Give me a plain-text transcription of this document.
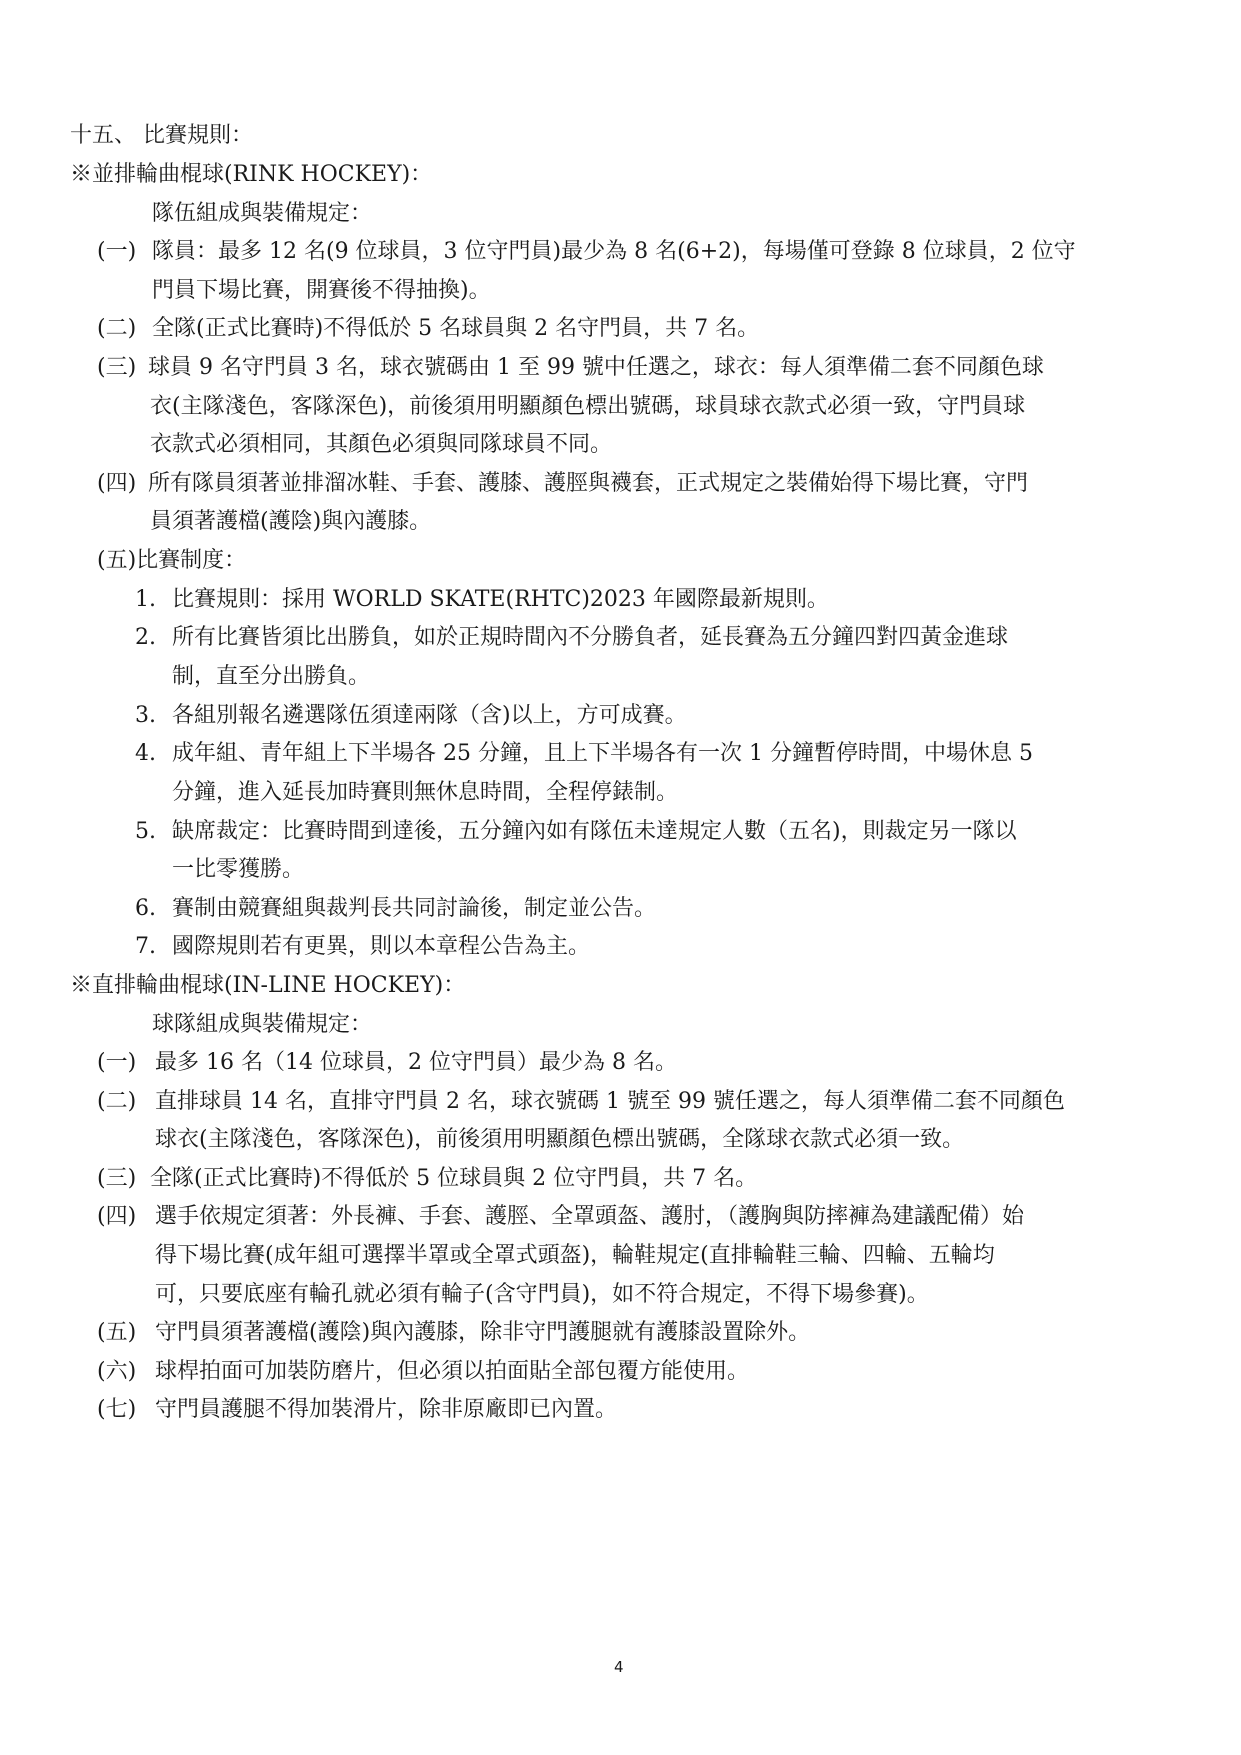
十五、 比賽規則：
※並排輪曲棍球(RINK HOCKEY)：
隊伍組成與裝備規定：
(一) 隊員：最多 12 名(9 位球員，3 位守門員)最少為 8 名(6+2)，每場僅可登錄 8 位球員，2 位守
門員下場比賽，開賽後不得抽換)。
(二) 全隊(正式比賽時)不得低於 5 名球員與 2 名守門員，共 7 名。
(三) 球員 9 名守門員 3 名，球衣號碼由 1 至 99 號中任選之，球衣：每人須準備二套不同顏色球
衣(主隊淺色，客隊深色)，前後須用明顯顏色標出號碼，球員球衣款式必須一致，守門員球
衣款式必須相同，其顏色必須與同隊球員不同。
(四) 所有隊員須著並排溜冰鞋、手套、護膝、護脛與襪套，正式規定之裝備始得下場比賽，守門
員須著護檔(護陰)與內護膝。
(五)比賽制度：
1. 比賽規則：採用 WORLD SKATE(RHTC)2023 年國際最新規則。
2. 所有比賽皆須比出勝負，如於正規時間內不分勝負者，延長賽為五分鐘四對四黃金進球
制，直至分出勝負。
3. 各組別報名遴選隊伍須達兩隊（含)以上，方可成賽。
4. 成年組、青年組上下半場各 25 分鐘，且上下半場各有一次 1 分鐘暫停時間，中場休息 5
分鐘，進入延長加時賽則無休息時間，全程停錶制。
5. 缺席裁定：比賽時間到達後，五分鐘內如有隊伍未達規定人數（五名)，則裁定另一隊以
一比零獲勝。
6. 賽制由競賽組與裁判長共同討論後，制定並公告。
7. 國際規則若有更異，則以本章程公告為主。
※直排輪曲棍球(IN-LINE HOCKEY)：
球隊組成與裝備規定：
(一) 最多 16 名（14 位球員，2 位守門員）最少為 8 名。
(二) 直排球員 14 名，直排守門員 2 名，球衣號碼 1 號至 99 號任選之，每人須準備二套不同顏色
球衣(主隊淺色，客隊深色)，前後須用明顯顏色標出號碼，全隊球衣款式必須一致。
(三) 全隊(正式比賽時)不得低於 5 位球員與 2 位守門員，共 7 名。
(四) 選手依規定須著：外長褲、手套、護脛、全罩頭盔、護肘，（護胸與防摔褲為建議配備）始
得下場比賽(成年組可選擇半罩或全罩式頭盔)，輪鞋規定(直排輪鞋三輪、四輪、五輪均
可，只要底座有輪孔就必須有輪子(含守門員)，如不符合規定，不得下場參賽)。
(五) 守門員須著護檔(護陰)與內護膝，除非守門護腿就有護膝設置除外。
(六) 球桿拍面可加裝防磨片，但必須以拍面貼全部包覆方能使用。
(七) 守門員護腿不得加裝滑片，除非原廠即已內置。
4
